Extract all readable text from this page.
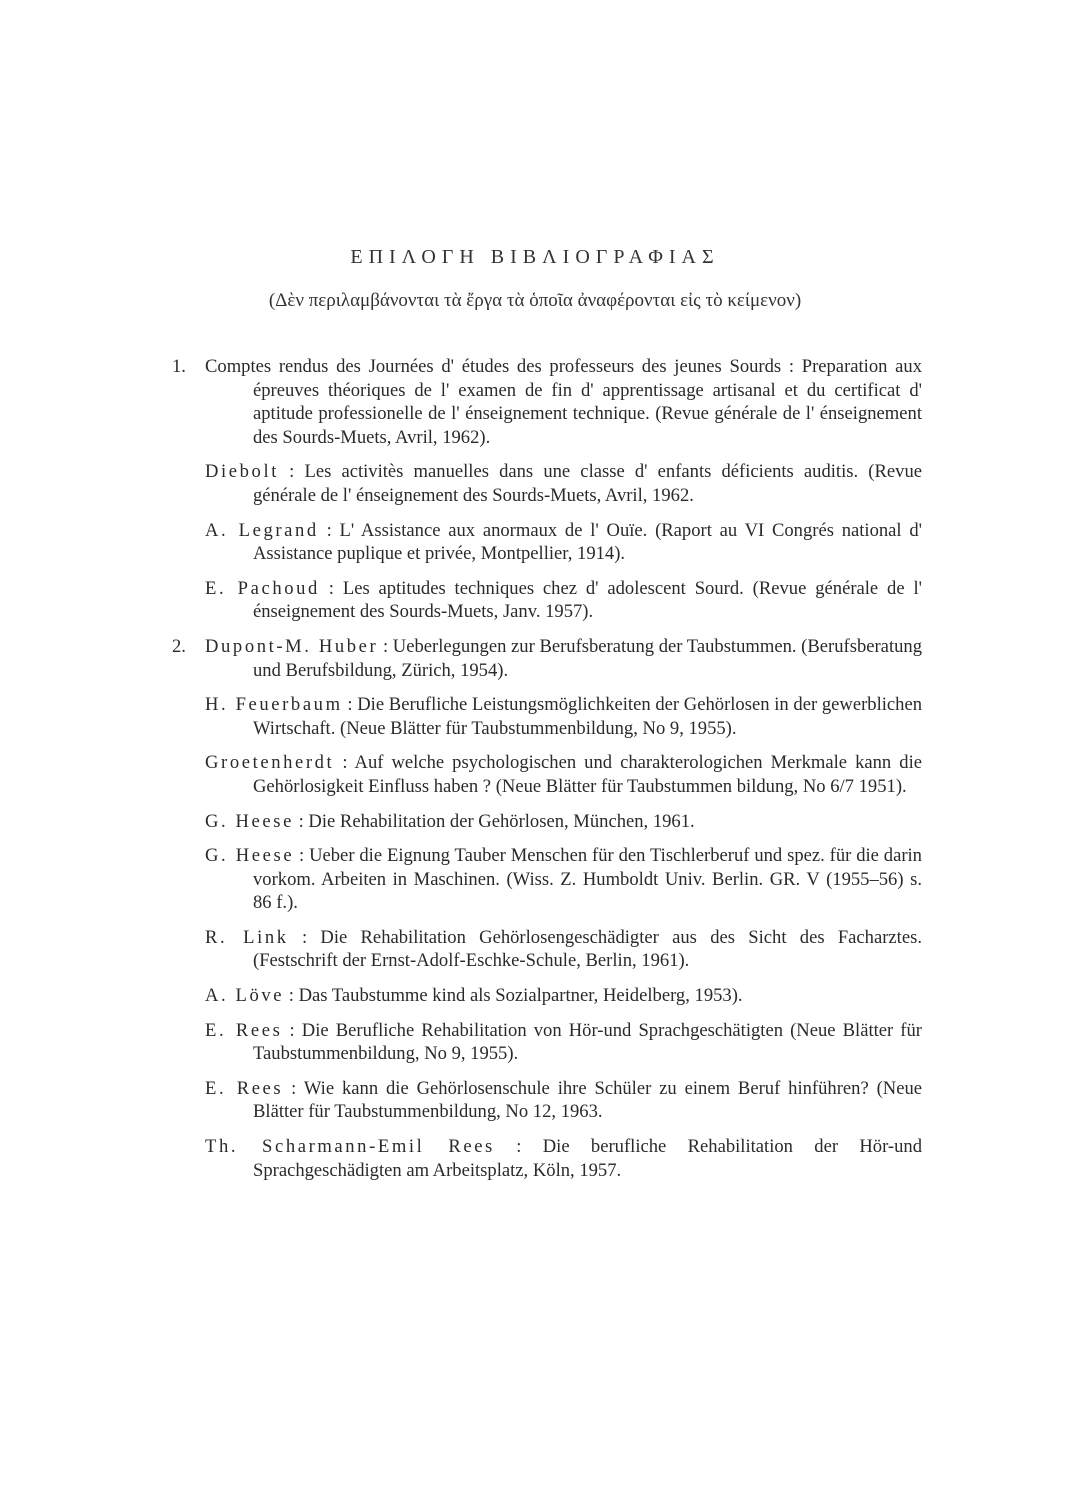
ΕΠΙΛΟΓΗ ΒΙΒΛΙΟΓΡΑΦΙΑΣ
(Δὲν περιλαμβάνονται τὰ ἔργα τὰ ὁποῖα ἀναφέρονται εἰς τὸ κείμενον)

1.	Comptes rendus des Journées d' études des professeurs des jeunes Sourds : Preparation aux épreuves théoriques de l' examen de fin d' apprentissage artisanal et du certificat d' aptitude professionelle de l' énseignement technique. (Revue générale de l' énseignement des Sourds-Muets, Avril, 1962).

Diebolt : Les activitès manuelles dans une classe d' enfants déficients auditis. (Revue générale de l' énseignement des Sourds-Muets, Avril, 1962.

A. Legrand : L' Assistance aux anormaux de l' Ouïe. (Raport au VI Congrés national d' Assistance puplique et privée, Montpellier, 1914).

E. Pachoud : Les aptitudes techniques chez d' adolescent Sourd. (Revue générale de l' énseignement des Sourds-Muets, Janv. 1957).

2.	Dupont-M. Huber : Ueberlegungen zur Berufsberatung der Taubstummen. (Berufsberatung und Berufsbildung, Zürich, 1954).

H. Feuerbaum : Die Berufliche Leistungsmöglichkeiten der Gehörlosen in der gewerblichen Wirtschaft. (Neue Blätter für Taubstummenbildung, No 9, 1955).

Groetenherdt : Auf welche psychologischen und charakterologichen Merkmale kann die Gehörlosigkeit Einfluss haben ? (Neue Blätter für Taubstummen bildung, No 6/7 1951).

G. Heese : Die Rehabilitation der Gehörlosen, München, 1961.

G. Heese : Ueber die Eignung Tauber Menschen für den Tischlerberuf und spez. für die darin vorkom. Arbeiten in Maschinen. (Wiss. Z. Humboldt Univ. Berlin. GR. V (1955–56) s. 86 f.).

R. Link : Die Rehabilitation Gehörlosengeschädigter aus des Sicht des Facharztes. (Festschrift der Ernst-Adolf-Eschke-Schule, Berlin, 1961).

A. Löve : Das Taubstumme kind als Sozialpartner, Heidelberg, 1953).

E. Rees : Die Berufliche Rehabilitation von Hör-und Sprachgeschätigten (Neue Blätter für Taubstummenbildung, No 9, 1955).

E. Rees : Wie kann die Gehörlosenschule ihre Schüler zu einem Beruf hinführen? (Neue Blätter für Taubstummenbildung, No 12, 1963.

Th. Scharmann-Emil Rees : Die berufliche Rehabilitation der Hör-und Sprachgeschädigten am Arbeitsplatz, Köln, 1957.
